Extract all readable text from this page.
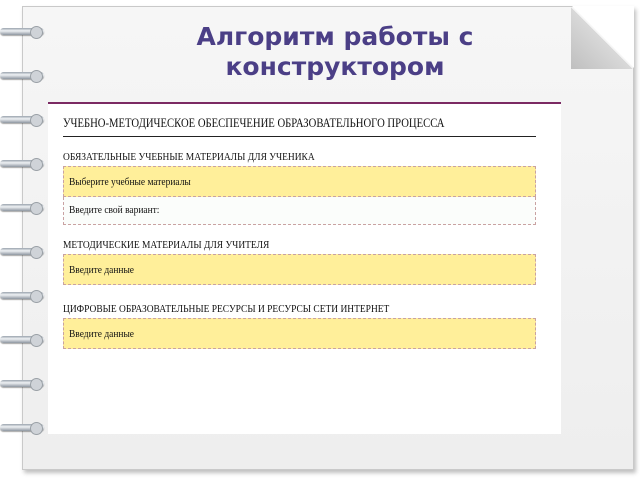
Алгоритм работы с конструктором
УЧЕБНО-МЕТОДИЧЕСКОЕ ОБЕСПЕЧЕНИЕ ОБРАЗОВАТЕЛЬНОГО ПРОЦЕССА
ОБЯЗАТЕЛЬНЫЕ УЧЕБНЫЕ МАТЕРИАЛЫ ДЛЯ УЧЕНИКА
Выберите учебные материалы
Введите свой вариант:
МЕТОДИЧЕСКИЕ МАТЕРИАЛЫ ДЛЯ УЧИТЕЛЯ
Введите данные
ЦИФРОВЫЕ ОБРАЗОВАТЕЛЬНЫЕ РЕСУРСЫ И РЕСУРСЫ СЕТИ ИНТЕРНЕТ
Введите данные
